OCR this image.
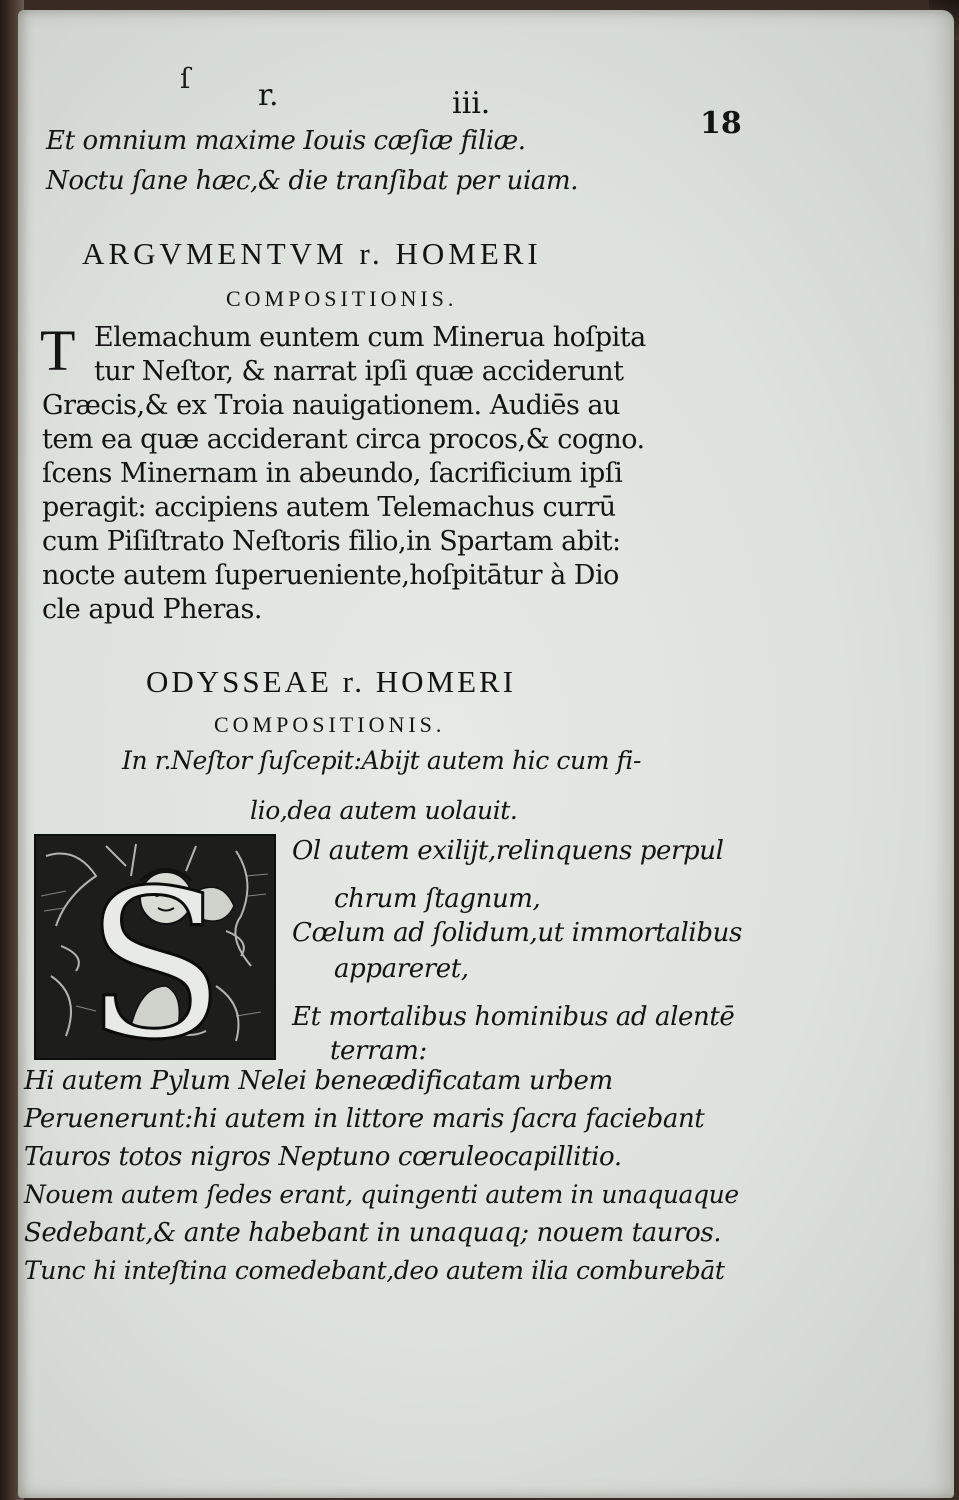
ſ r.	iii.
18
Et omnium maxime Iouis cæſiæ filiæ.
Noctu ſane hæc,& die tranſibat per uiam.
ARGVMENTVM r. HOMERI
COMPOSITIONIS.
T Elemachum euntem cum Minerua hoſpita
tur Neſtor, & narrat ipſi quæ acciderunt
Græcis,& ex Troia nauigationem. Audiēs au
tem ea quæ acciderant circa procos,& cogno.
ſcens Minernam in abeundo, ſacrificium ipſi
peragit: accipiens autem Telemachus currū
cum Piſiſtrato Neſtoris filio,in Spartam abit:
nocte autem ſuperueniente,hoſpitātur à Dio
cle apud Pheras.
ODYSSEAE r. HOMERI
COMPOSITIONIS.
In r.Neſtor ſuſcepit:Abijt autem hic cum fi-
lio,dea autem uolauit.
S	Ol autem exilijt,relinquens perpul
chrum ſtagnum,
Cœlum ad ſolidum,ut immortalibus
appareret,
Et mortalibus hominibus ad alentē
terram:
Hi autem Pylum Nelei beneædificatam urbem
Peruenerunt:hi autem in littore maris ſacra faciebant
Tauros totos nigros Neptuno cœruleocapillitio.
Nouem autem ſedes erant, quingenti autem in unaquaque
Sedebant,& ante habebant in unaquaq; nouem tauros.
Tunc hi inteſtina comedebant,deo autem ilia comburebāt
